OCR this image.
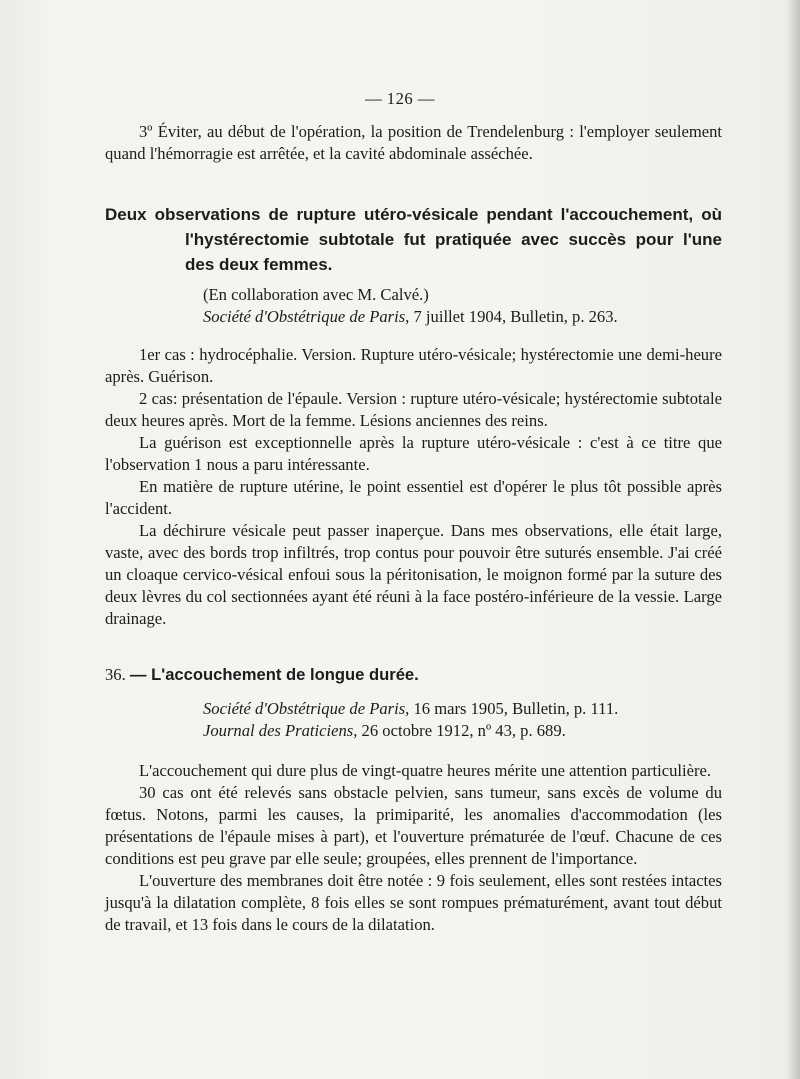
— 126 —

3º Éviter, au début de l'opération, la position de Trendelenburg : l'employer seulement quand l'hémorragie est arrêtée, et la cavité abdominale asséchée.

Deux observations de rupture utéro-vésicale pendant l'accouchement, où l'hystérectomie subtotale fut pratiquée avec succès pour l'une des deux femmes.
(En collaboration avec M. Calvé.)
Société d'Obstétrique de Paris, 7 juillet 1904, Bulletin, p. 263.

1er cas : hydrocéphalie. Version. Rupture utéro-vésicale; hystérectomie une demi-heure après. Guérison.

2 cas: présentation de l'épaule. Version : rupture utéro-vésicale; hystérectomie subtotale deux heures après. Mort de la femme. Lésions anciennes des reins.

La guérison est exceptionnelle après la rupture utéro-vésicale : c'est à ce titre que l'observation 1 nous a paru intéressante.

En matière de rupture utérine, le point essentiel est d'opérer le plus tôt possible après l'accident.

La déchirure vésicale peut passer inaperçue. Dans mes observations, elle était large, vaste, avec des bords trop infiltrés, trop contus pour pouvoir être suturés ensemble. J'ai créé un cloaque cervico-vésical enfoui sous la péritonisation, le moignon formé par la suture des deux lèvres du col sectionnées ayant été réuni à la face postéro-inférieure de la vessie. Large drainage.

36. — L'accouchement de longue durée.
Société d'Obstétrique de Paris, 16 mars 1905, Bulletin, p. 111.
Journal des Praticiens, 26 octobre 1912, nº 43, p. 689.

L'accouchement qui dure plus de vingt-quatre heures mérite une attention particulière.

30 cas ont été relevés sans obstacle pelvien, sans tumeur, sans excès de volume du fœtus. Notons, parmi les causes, la primiparité, les anomalies d'accommodation (les présentations de l'épaule mises à part), et l'ouverture prématurée de l'œuf. Chacune de ces conditions est peu grave par elle seule; groupées, elles prennent de l'importance.

L'ouverture des membranes doit être notée : 9 fois seulement, elles sont restées intactes jusqu'à la dilatation complète, 8 fois elles se sont rompues prématurément, avant tout début de travail, et 13 fois dans le cours de la dilatation.
